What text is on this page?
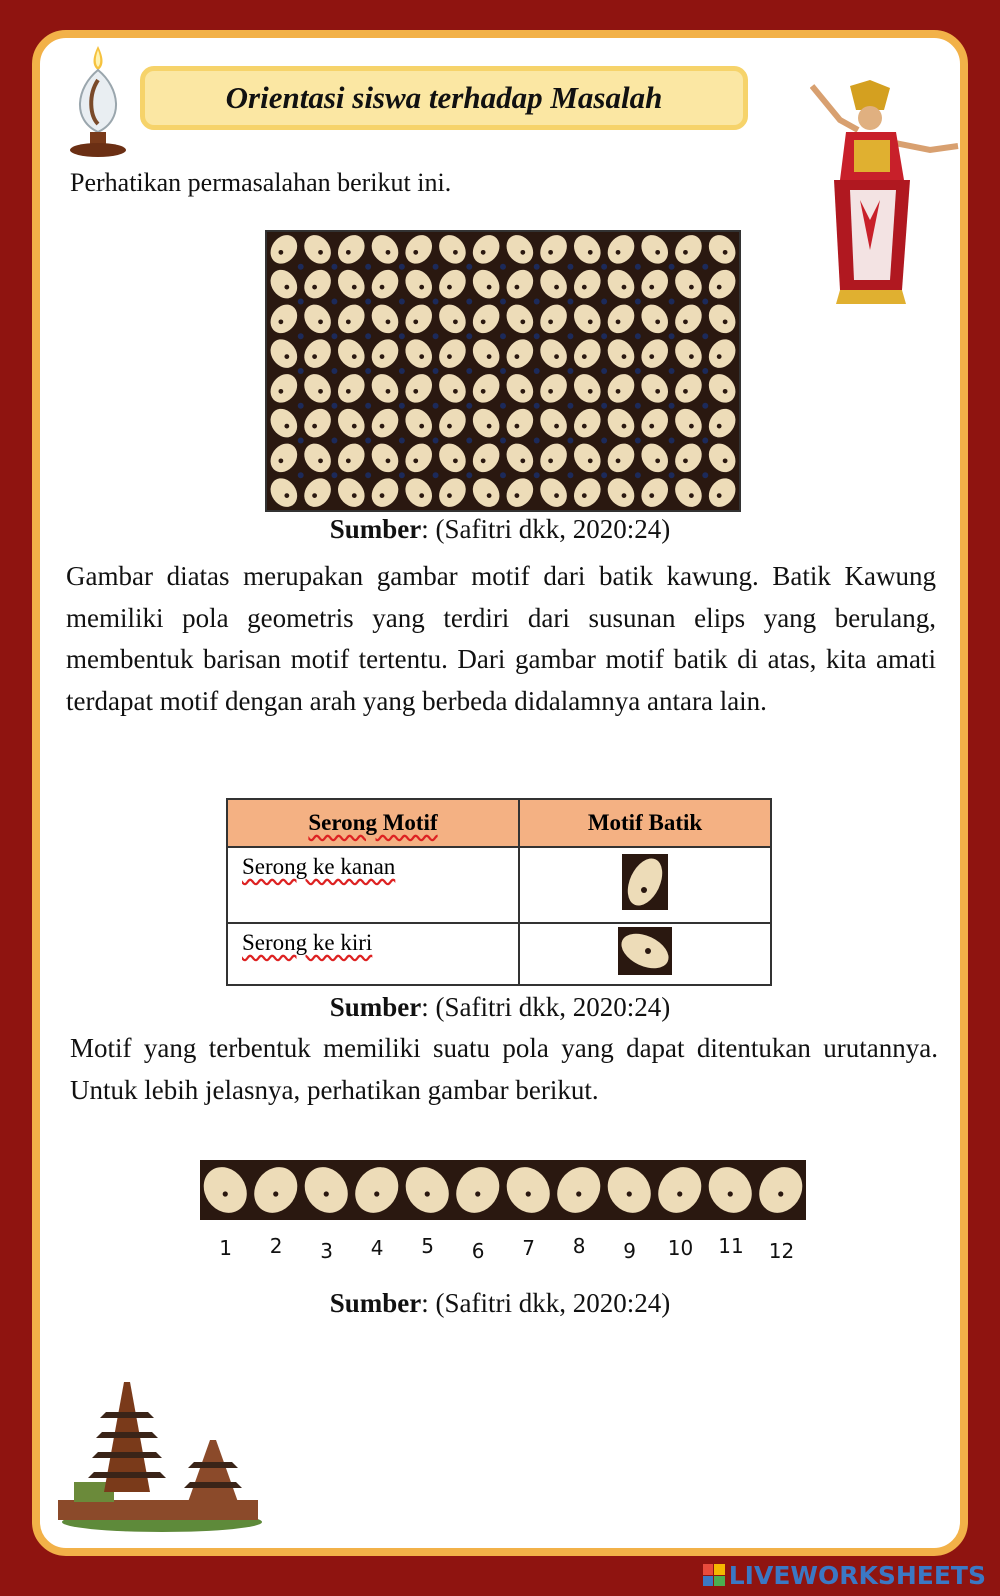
Orientasi siswa terhadap Masalah
Perhatikan permasalahan berikut ini.
Sumber: (Safitri dkk, 2020:24)
Gambar diatas merupakan gambar motif dari batik kawung. Batik Kawung memiliki pola geometris yang terdiri dari susunan elips yang berulang, membentuk barisan motif tertentu. Dari gambar motif batik di atas, kita amati terdapat motif dengan arah yang berbeda didalamnya antara lain.
Serong Motif	Motif Batik
Serong ke kanan	
Serong ke kiri	
Sumber: (Safitri dkk, 2020:24)
Motif yang terbentuk memiliki suatu pola yang dapat ditentukan urutannya. Untuk lebih jelasnya, perhatikan gambar berikut.
1 2 3 4 5 6 7 8 9 10 11 12
Sumber: (Safitri dkk, 2020:24)
LIVEWORKSHEETS
